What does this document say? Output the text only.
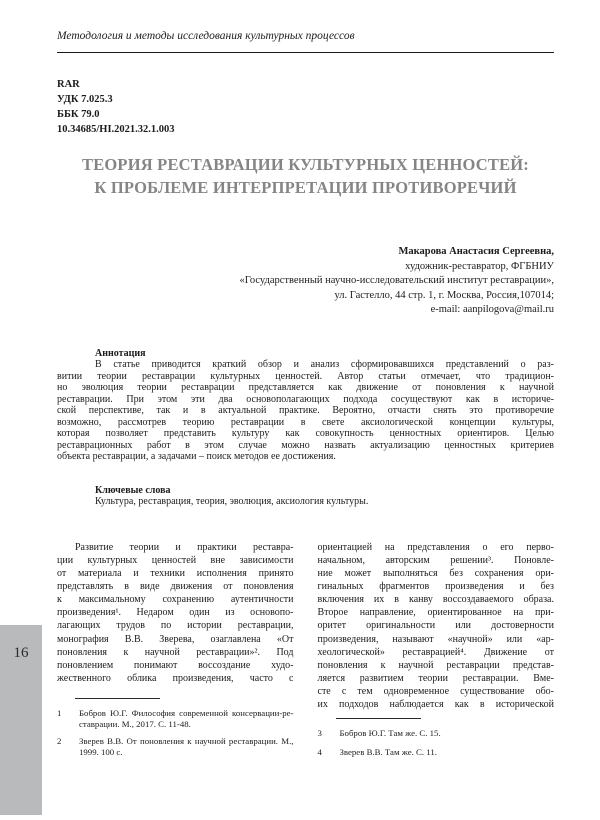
16
Методология и методы исследования культурных процессов
RAR
УДК 7.025.3
ББК 79.0
10.34685/HI.2021.32.1.003
ТЕОРИЯ РЕСТАВРАЦИИ КУЛЬТУРНЫХ ЦЕННОСТЕЙ:
К ПРОБЛЕМЕ ИНТЕРПРЕТАЦИИ ПРОТИВОРЕЧИЙ
Макарова Анастасия Сергеевна,
художник-реставратор, ФГБНИУ
«Государственный научно-исследовательский институт реставрации»,
ул. Гастелло, 44 стр. 1, г. Москва, Россия,107014;
e-mail: aanpilogova@mail.ru
Аннотация
В статье приводится краткий обзор и анализ сформировавшихся представлений о раз-
витии теории реставрации культурных ценностей. Автор статьи отмечает, что традицион-
но эволюция теории реставрации представляется как движение от поновления к научной
реставрации. При этом эти два основополагающих подхода сосуществуют как в историче-
ской перспективе, так и в актуальной практике. Вероятно, отчасти снять это противоречие
возможно, рассмотрев теорию реставрации в свете аксиологической концепции культуры,
которая позволяет представить культуру как совокупность ценностных ориентиров. Целью
реставрационных работ в этом случае можно назвать актуализацию ценностных критериев
объекта реставрации, а задачами – поиск методов ее достижения.
Ключевые слова
Культура, реставрация, теория, эволюция, аксиология культуры.
Развитие теории и практики реставра-
ции культурных ценностей вне зависимости
от материала и техники исполнения принято
представлять в виде движения от поновления
к максимальному сохранению аутентичности
произведения¹. Недаром один из основопо-
лагающих трудов по истории реставрации,
монография В.В. Зверева, озаглавлена «От
поновления к научной реставрации»². Под
поновлением понимают воссоздание худо-
жественного облика произведения, часто с
1	Бобров Ю.Г. Философия современной консервации-ре-
ставрации. М., 2017. С. 11-48.
2	Зверев В.В. От поновления к научной реставрации. М.,
1999. 100 с.
ориентацией на представления о его перво-
начальном, авторским решении³. Поновле-
ние может выполняться без сохранения ори-
гинальных фрагментов произведения и без
включения их в канву воссоздаваемого образа.
Второе направление, ориентированное на при-
оритет оригинальности или достоверности
произведения, называют «научной» или «ар-
хеологической» реставрацией⁴. Движение от
поновления к научной реставрации представ-
ляется развитием теории реставрации. Вме-
сте с тем одновременное существование обо-
их подходов наблюдается как в исторической
3	Бобров Ю.Г. Там же. С. 15.
4	Зверев В.В. Там же. С. 11.
